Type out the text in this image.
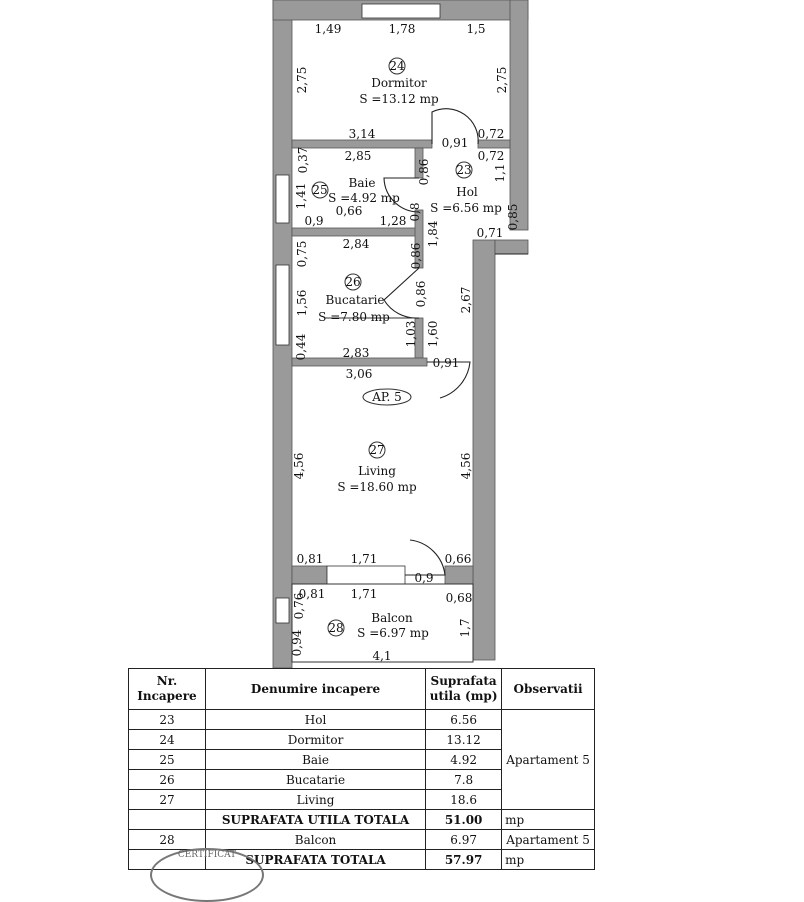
24
Dormitor
S =13.12 mp
23
Hol
S =6.56 mp
25 Baie
S =4.92 mp
26
Bucatarie
S =7.80 mp
AP. 5
27
Living
S =18.60 mp
28
Balcon
S =6.97 mp
1,49	1,78	1,5
3,14
0,91
0,72
0,72
2,85
0,9
0,66
1,28
0,71
2,84
2,83
0,91
3,06
0,81 1,71	0,66
0,9
0,81 1,71	0,68
4,1
2,75	2,75
0,37	0,86	1,1
1,41
0,8	0,85
1,84
0,75	0,86
0,86	2,67
1,56
1,03 1,60
0,44
4,56	4,56
0,76
1,7
0,94
Nr. Incapere	Denumire incapere	Suprafata utila (mp)	Observatii
23	Hol	6.56	Apartament 5
24	Dormitor	13.12	
25	Baie	4.92	
26	Bucatarie	7.8	
27	Living	18.6	
	SUPRAFATA UTILA TOTALA	51.00	mp
28	Balcon	6.97	Apartament 5
	SUPRAFATA TOTALA	57.97	mp
CERTIFICAT
